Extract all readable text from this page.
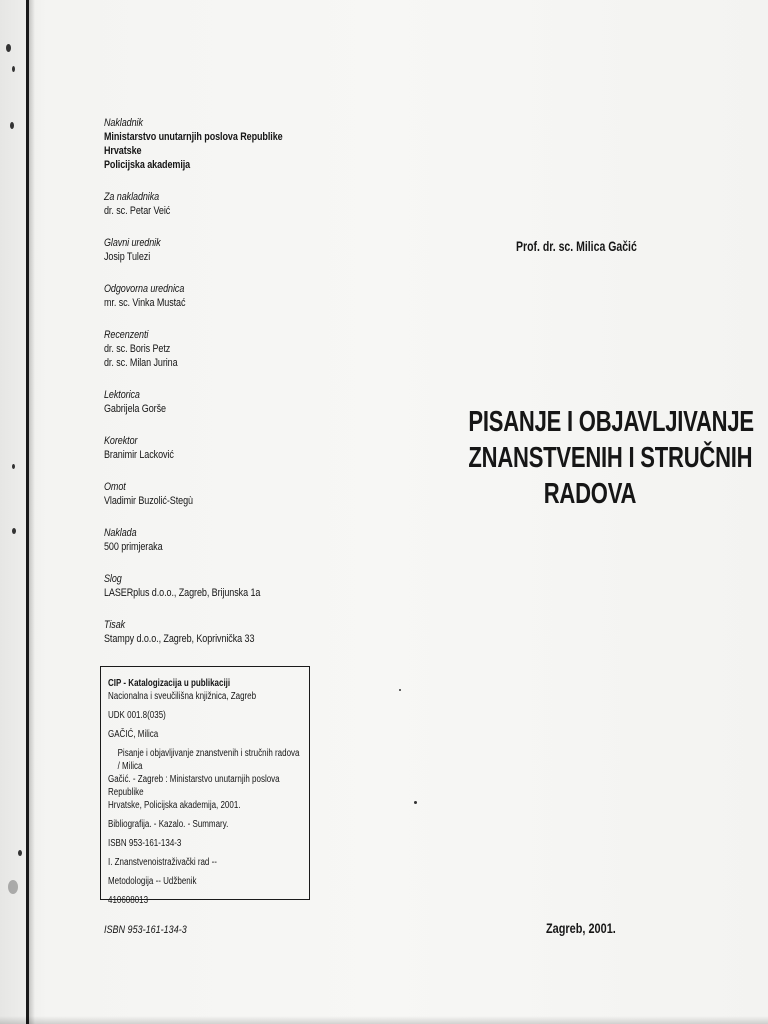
Nakladnik
Ministarstvo unutarnjih poslova Republike Hrvatske
Policijska akademija
Za nakladnika
dr. sc. Petar Veić
Glavni urednik
Josip Tulezi
Odgovorna urednica
mr. sc. Vinka Mustać
Recenzenti
dr. sc. Boris Petz
dr. sc. Milan Jurina
Lektorica
Gabrijela Gorše
Korektor
Branimir Lacković
Omot
Vladimir Buzolić-Stegù
Naklada
500 primjeraka
Slog
LASERplus d.o.o., Zagreb, Brijunska 1a
Tisak
Stampy d.o.o., Zagreb, Koprivnička 33
CIP - Katalogizacija u publikaciji
Nacionalna i sveučilišna knjižnica, Zagreb
UDK 001.8(035)
GAČIĆ, Milica
Pisanje i objavljivanje znanstvenih i stručnih radova / Milica
Gačić. - Zagreb : Ministarstvo unutarnjih poslova Republike
Hrvatske, Policijska akademija, 2001.
Bibliografija. - Kazalo. - Summary.
ISBN 953-161-134-3
I. Znanstvenoistraživački rad --
Metodologija -- Udžbenik
410608013
ISBN 953-161-134-3
Prof. dr. sc. Milica Gačić
PISANJE I OBJAVLJIVANJE
ZNANSTVENIH I STRUČNIH
RADOVA
Zagreb, 2001.
